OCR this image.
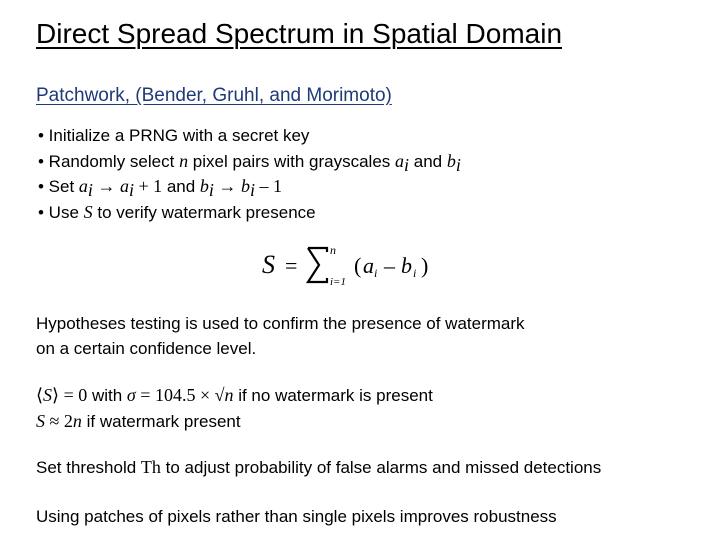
Direct Spread Spectrum in Spatial Domain
Patchwork, (Bender, Gruhl, and Morimoto)
• Initialize a PRNG with a secret key
• Randomly select n pixel pairs with grayscales $a_i$ and $b_i$
• Set $a_i \to a_i + 1$ and $b_i \to b_i - 1$
• Use S to verify watermark presence
S =
n
i=1
( a i – b i )
Hypotheses testing is used to confirm the presence of watermark
on a certain confidence level.
⟨S⟩ = 0 with σ = 104.5 × √n if no watermark is present
S ≈ 2n if watermark present
Set threshold Th to adjust probability of false alarms and missed detections
Using patches of pixels rather than single pixels improves robustness
